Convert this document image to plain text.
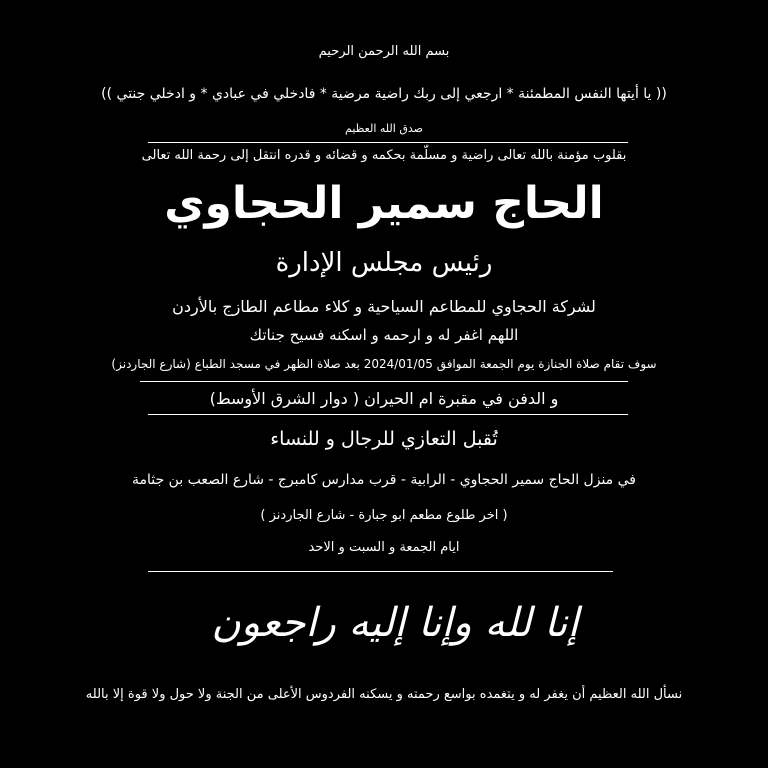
بسم الله الرحمن الرحيم
(( يا أيتها النفس المطمئنة * ارجعي إلى ربك راضية مرضية * فادخلي في عبادي * و ادخلي جنتي ))
صدق الله العظيم
بقلوب مؤمنة بالله تعالى راضية و مسلّمة بحكمه و قضائه و قدره انتقل إلى رحمة الله تعالى
الحاج سمير الحجاوي
رئيس مجلس الإدارة
لشركة الحجاوي للمطاعم السياحية و كلاء مطاعم الطازج بالأردن
اللهم اغفر له و ارحمه و اسكنه فسيح جناتك
سوف تقام صلاة الجنازة يوم الجمعة الموافق 2024/01/05 بعد صلاة الظهر في مسجد الطباع (شارع الجاردنز)
و الدفن في مقبرة ام الحيران ( دوار الشرق الأوسط)
تُقبل التعازي للرجال و للنساء
في منزل الحاج سمير الحجاوي - الرابية - قرب مدارس كامبرج - شارع الصعب بن جثامة
( اخر طلوع مطعم ابو جبارة - شارع الجاردنز )
ايام الجمعة و السبت و الاحد
إنا لله وإنا إليه راجعون
نسأل الله العظيم أن يغفر له و يتغمده بواسع رحمته و يسكنه الفردوس الأعلى من الجنة ولا حول ولا قوة إلا بالله
